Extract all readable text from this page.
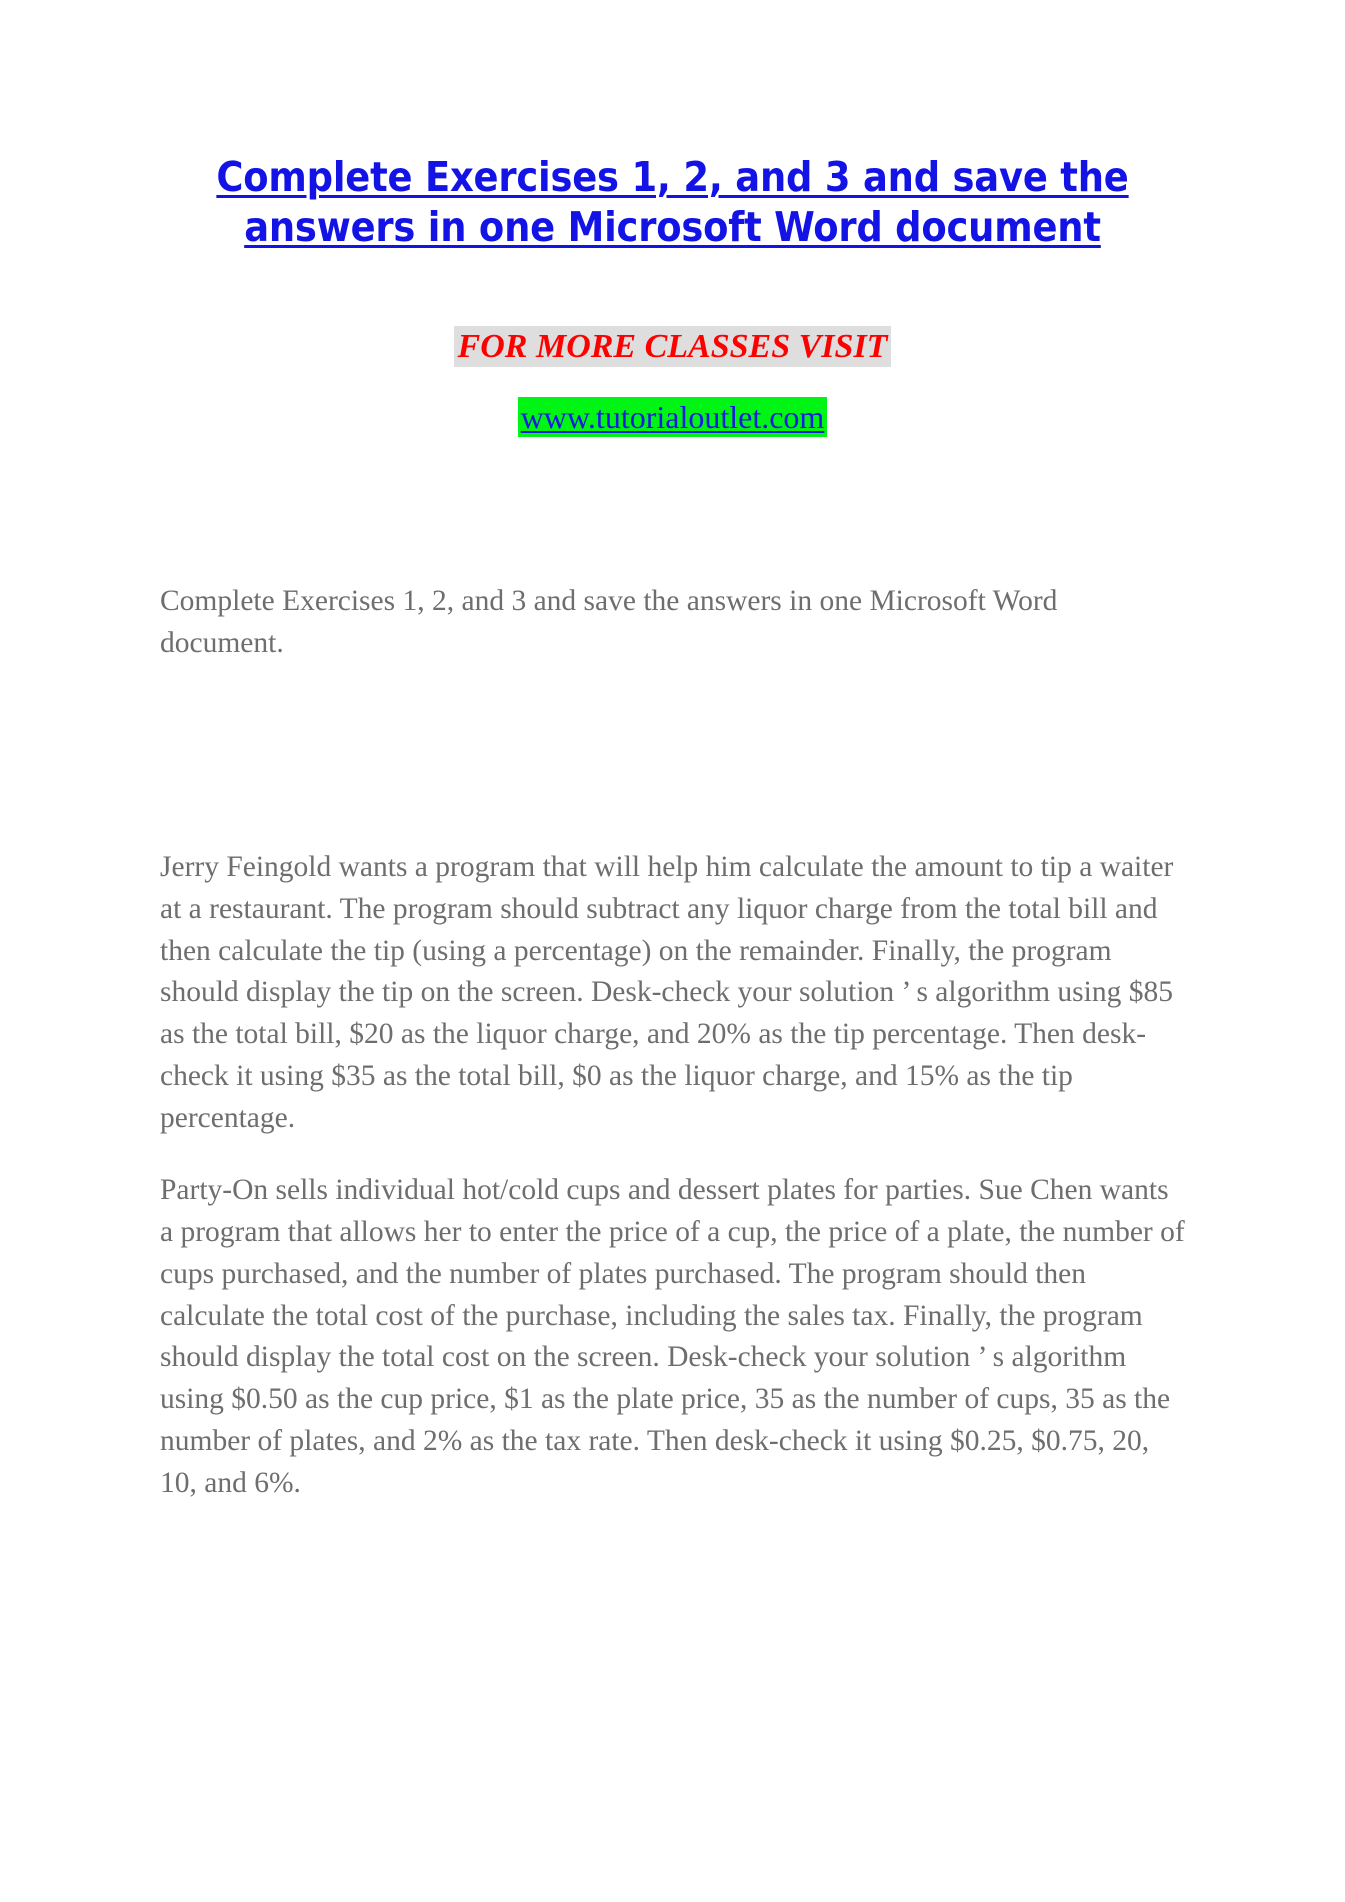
Complete Exercises 1, 2, and 3 and save the
answers in one Microsoft Word document
FOR MORE CLASSES VISIT
www.tutorialoutlet.com

Complete Exercises 1, 2, and 3 and save the answers in one Microsoft Word document.

Jerry Feingold wants a program that will help him calculate the amount to tip a waiter at a restaurant. The program should subtract any liquor charge from the total bill and then calculate the tip (using a percentage) on the remainder. Finally, the program should display the tip on the screen. Desk-check your solution ’ s algorithm using $85 as the total bill, $20 as the liquor charge, and 20% as the tip percentage. Then desk-check it using $35 as the total bill, $0 as the liquor charge, and 15% as the tip percentage.

Party-On sells individual hot/cold cups and dessert plates for parties. Sue Chen wants a program that allows her to enter the price of a cup, the price of a plate, the number of cups purchased, and the number of plates purchased. The program should then calculate the total cost of the purchase, including the sales tax. Finally, the program should display the total cost on the screen. Desk-check your solution ’ s algorithm using $0.50 as the cup price, $1 as the plate price, 35 as the number of cups, 35 as the number of plates, and 2% as the tax rate. Then desk-check it using $0.25, $0.75, 20, 10, and 6%.
